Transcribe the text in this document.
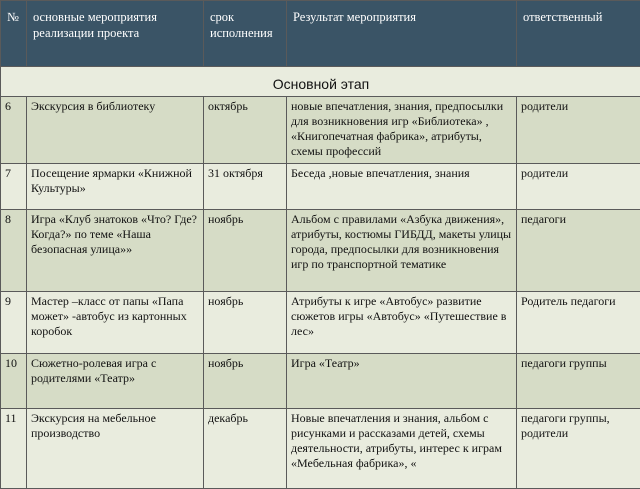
№	основные мероприятия реализации проекта	срок исполнения	Результат мероприятия	ответственный
Основной этап				
6	Экскурсия в библиотеку	октябрь	новые впечатления, знания, предпосылки для возникновения игр «Библиотека» , «Книгопечатная фабрика», атрибуты, схемы профессий	родители
7	Посещение ярмарки «Книжной Культуры»	31 октября	Беседа ,новые впечатления, знания	родители
8	Игра «Клуб знатоков «Что? Где? Когда?» по теме «Наша безопасная улица»»	ноябрь	Альбом с правилами «Азбука движения», атрибуты, костюмы ГИБДД, макеты улицы города, предпосылки для возникновения игр по транспортной тематике	педагоги
9	Мастер –класс от папы «Папа может» -автобус из картонных коробок	ноябрь	Атрибуты к игре «Автобус» развитие сюжетов игры «Автобус» «Путешествие в лес»	Родитель педагоги
10	Сюжетно-ролевая игра с родителями «Театр»	ноябрь	Игра «Театр»	педагоги группы
11	Экскурсия на мебельное производство	декабрь	Новые впечатления и знания, альбом с рисунками и рассказами детей, схемы деятельности, атрибуты, интерес к играм «Мебельная фабрика», «	педагоги группы, родители
